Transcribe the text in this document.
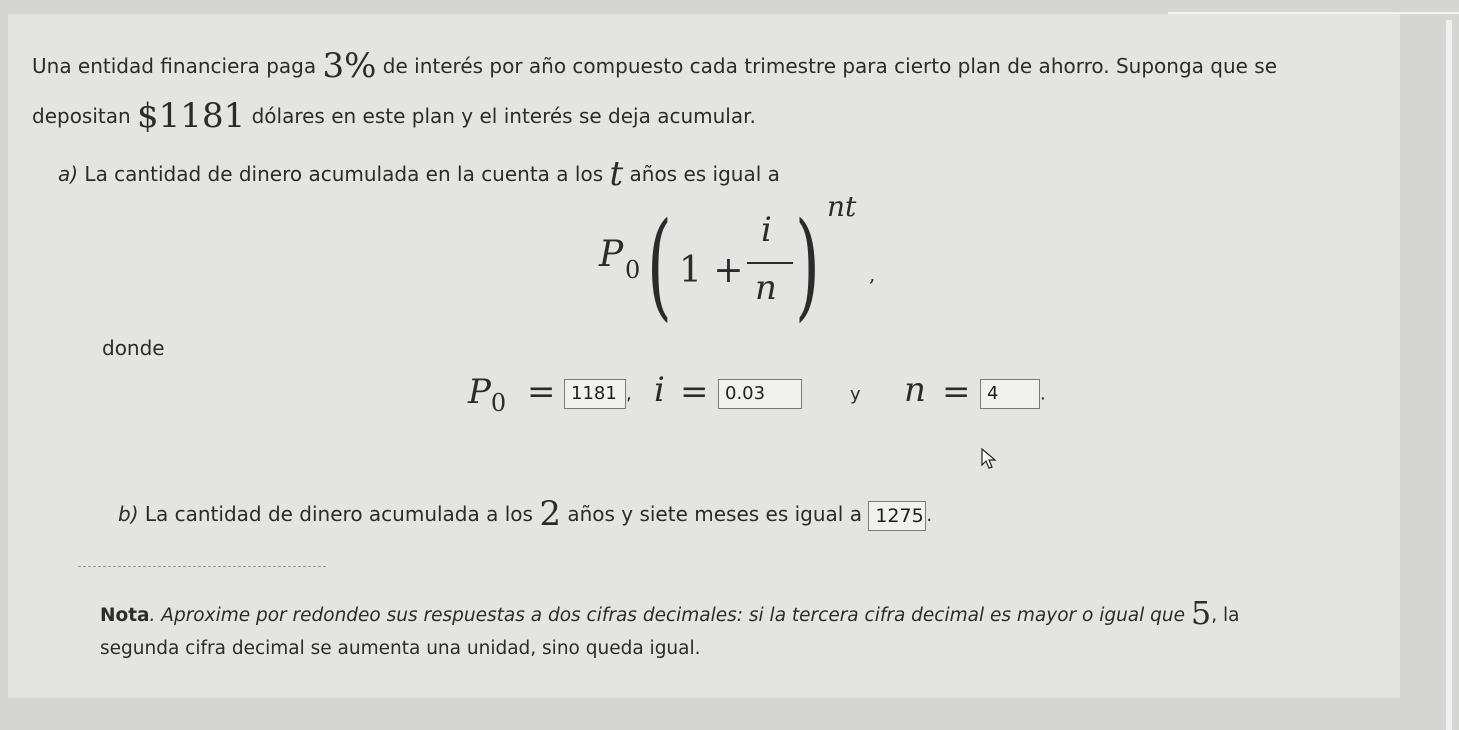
Una entidad financiera paga 3% de interés por año compuesto cada trimestre para cierto plan de ahorro. Suponga que se
depositan $1181 dólares en este plan y el interés se deja acumular.
a) La cantidad de dinero acumulada en la cuenta a los t años es igual a
P 0 ( 1 +
i
n ) nt
,
donde
$P_0 = 1181$ , i = 0.03	y n = 4 .
b) La cantidad de dinero acumulada a los 2 años y siete meses es igual a 1275 .
Nota. Aproxime por redondeo sus respuestas a dos cifras decimales: si la tercera cifra decimal es mayor o igual que 5, la
segunda cifra decimal se aumenta una unidad, sino queda igual.
